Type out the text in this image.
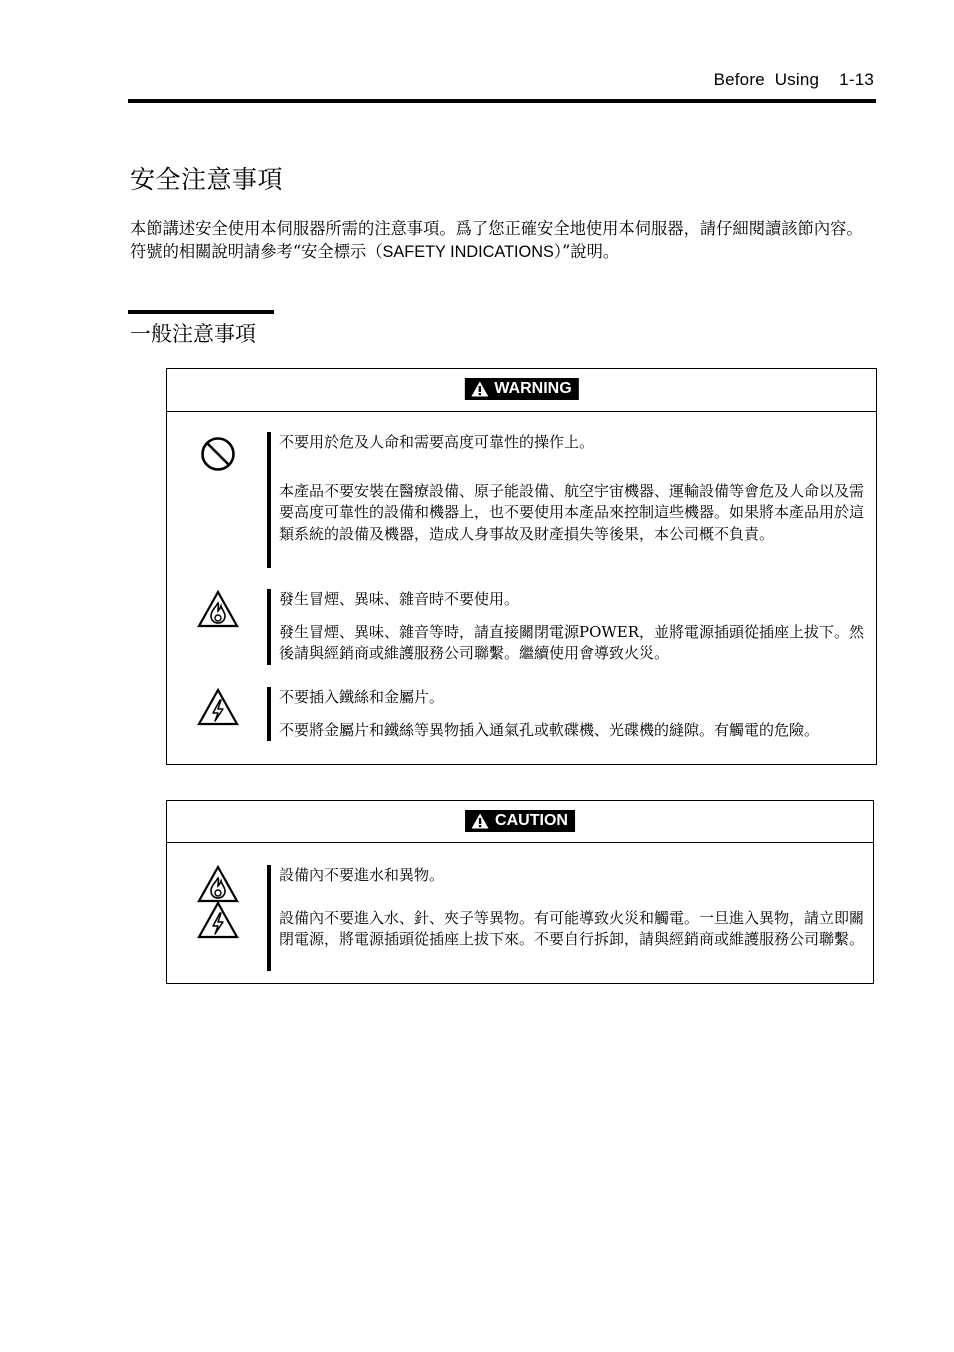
Before  Using 1-13
安全注意事項

本節講述安全使用本伺服器所需的注意事項。爲了您正確安全地使用本伺服器，請仔細閱讀該節內容。符號的相關說明請參考“安全標示（SAFETY INDICATIONS）”說明。

一般注意事項
WARNING

不要用於危及人命和需要高度可靠性的操作上。

本產品不要安裝在醫療設備、原子能設備、航空宇宙機器、運輸設備等會危及人命以及需要高度可靠性的設備和機器上，也不要使用本產品來控制這些機器。如果將本產品用於這類系統的設備及機器，造成人身事故及財產損失等後果，本公司概不負責。

發生冒煙、異味、雜音時不要使用。

發生冒煙、異味、雜音等時，請直接關閉電源POWER，並將電源插頭從插座上拔下。然後請與經銷商或維護服務公司聯繫。繼續使用會導致火災。

不要插入鐵絲和金屬片。

不要將金屬片和鐵絲等異物插入通氣孔或軟碟機、光碟機的縫隙。有觸電的危險。

CAUTION

設備內不要進水和異物。

設備內不要進入水、針、夾子等異物。有可能導致火災和觸電。一旦進入異物，請立即關閉電源，將電源插頭從插座上拔下來。不要自行拆卸，請與經銷商或維護服務公司聯繫。
